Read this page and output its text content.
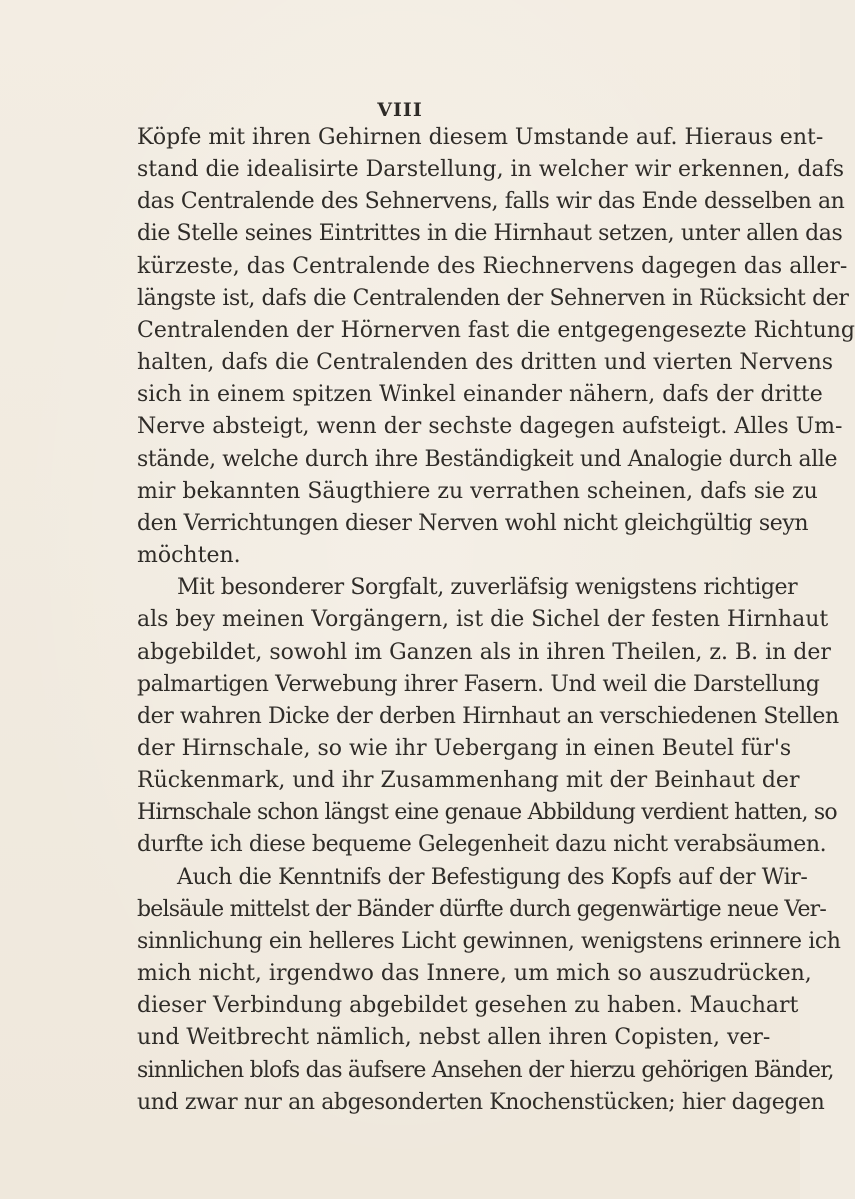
VIII
Köpfe mit ihren Gehirnen diesem Umstande auf. Hieraus ent-
stand die idealisirte Darstellung, in welcher wir erkennen, dafs
das Centralende des Sehnervens, falls wir das Ende desselben an
die Stelle seines Eintrittes in die Hirnhaut setzen, unter allen das
kürzeste, das Centralende des Riechnervens dagegen das aller-
längste ist, dafs die Centralenden der Sehnerven in Rücksicht der
Centralenden der Hörnerven fast die entgegengesezte Richtung
halten, dafs die Centralenden des dritten und vierten Nervens
sich in einem spitzen Winkel einander nähern, dafs der dritte
Nerve absteigt, wenn der sechste dagegen aufsteigt. Alles Um-
stände, welche durch ihre Beständigkeit und Analogie durch alle
mir bekannten Säugthiere zu verrathen scheinen, dafs sie zu
den Verrichtungen dieser Nerven wohl nicht gleichgültig seyn
möchten.
Mit besonderer Sorgfalt, zuverläfsig wenigstens richtiger
als bey meinen Vorgängern, ist die Sichel der festen Hirnhaut
abgebildet, sowohl im Ganzen als in ihren Theilen, z. B. in der
palmartigen Verwebung ihrer Fasern. Und weil die Darstellung
der wahren Dicke der derben Hirnhaut an verschiedenen Stellen
der Hirnschale, so wie ihr Uebergang in einen Beutel für's
Rückenmark, und ihr Zusammenhang mit der Beinhaut der
Hirnschale schon längst eine genaue Abbildung verdient hatten, so
durfte ich diese bequeme Gelegenheit dazu nicht verabsäumen.
Auch die Kenntnifs der Befestigung des Kopfs auf der Wir-
belsäule mittelst der Bänder dürfte durch gegenwärtige neue Ver-
sinnlichung ein helleres Licht gewinnen, wenigstens erinnere ich
mich nicht, irgendwo das Innere, um mich so auszudrücken,
dieser Verbindung abgebildet gesehen zu haben. Mauchart
und Weitbrecht nämlich, nebst allen ihren Copisten, ver-
sinnlichen blofs das äufsere Ansehen der hierzu gehörigen Bänder,
und zwar nur an abgesonderten Knochenstücken; hier dagegen
